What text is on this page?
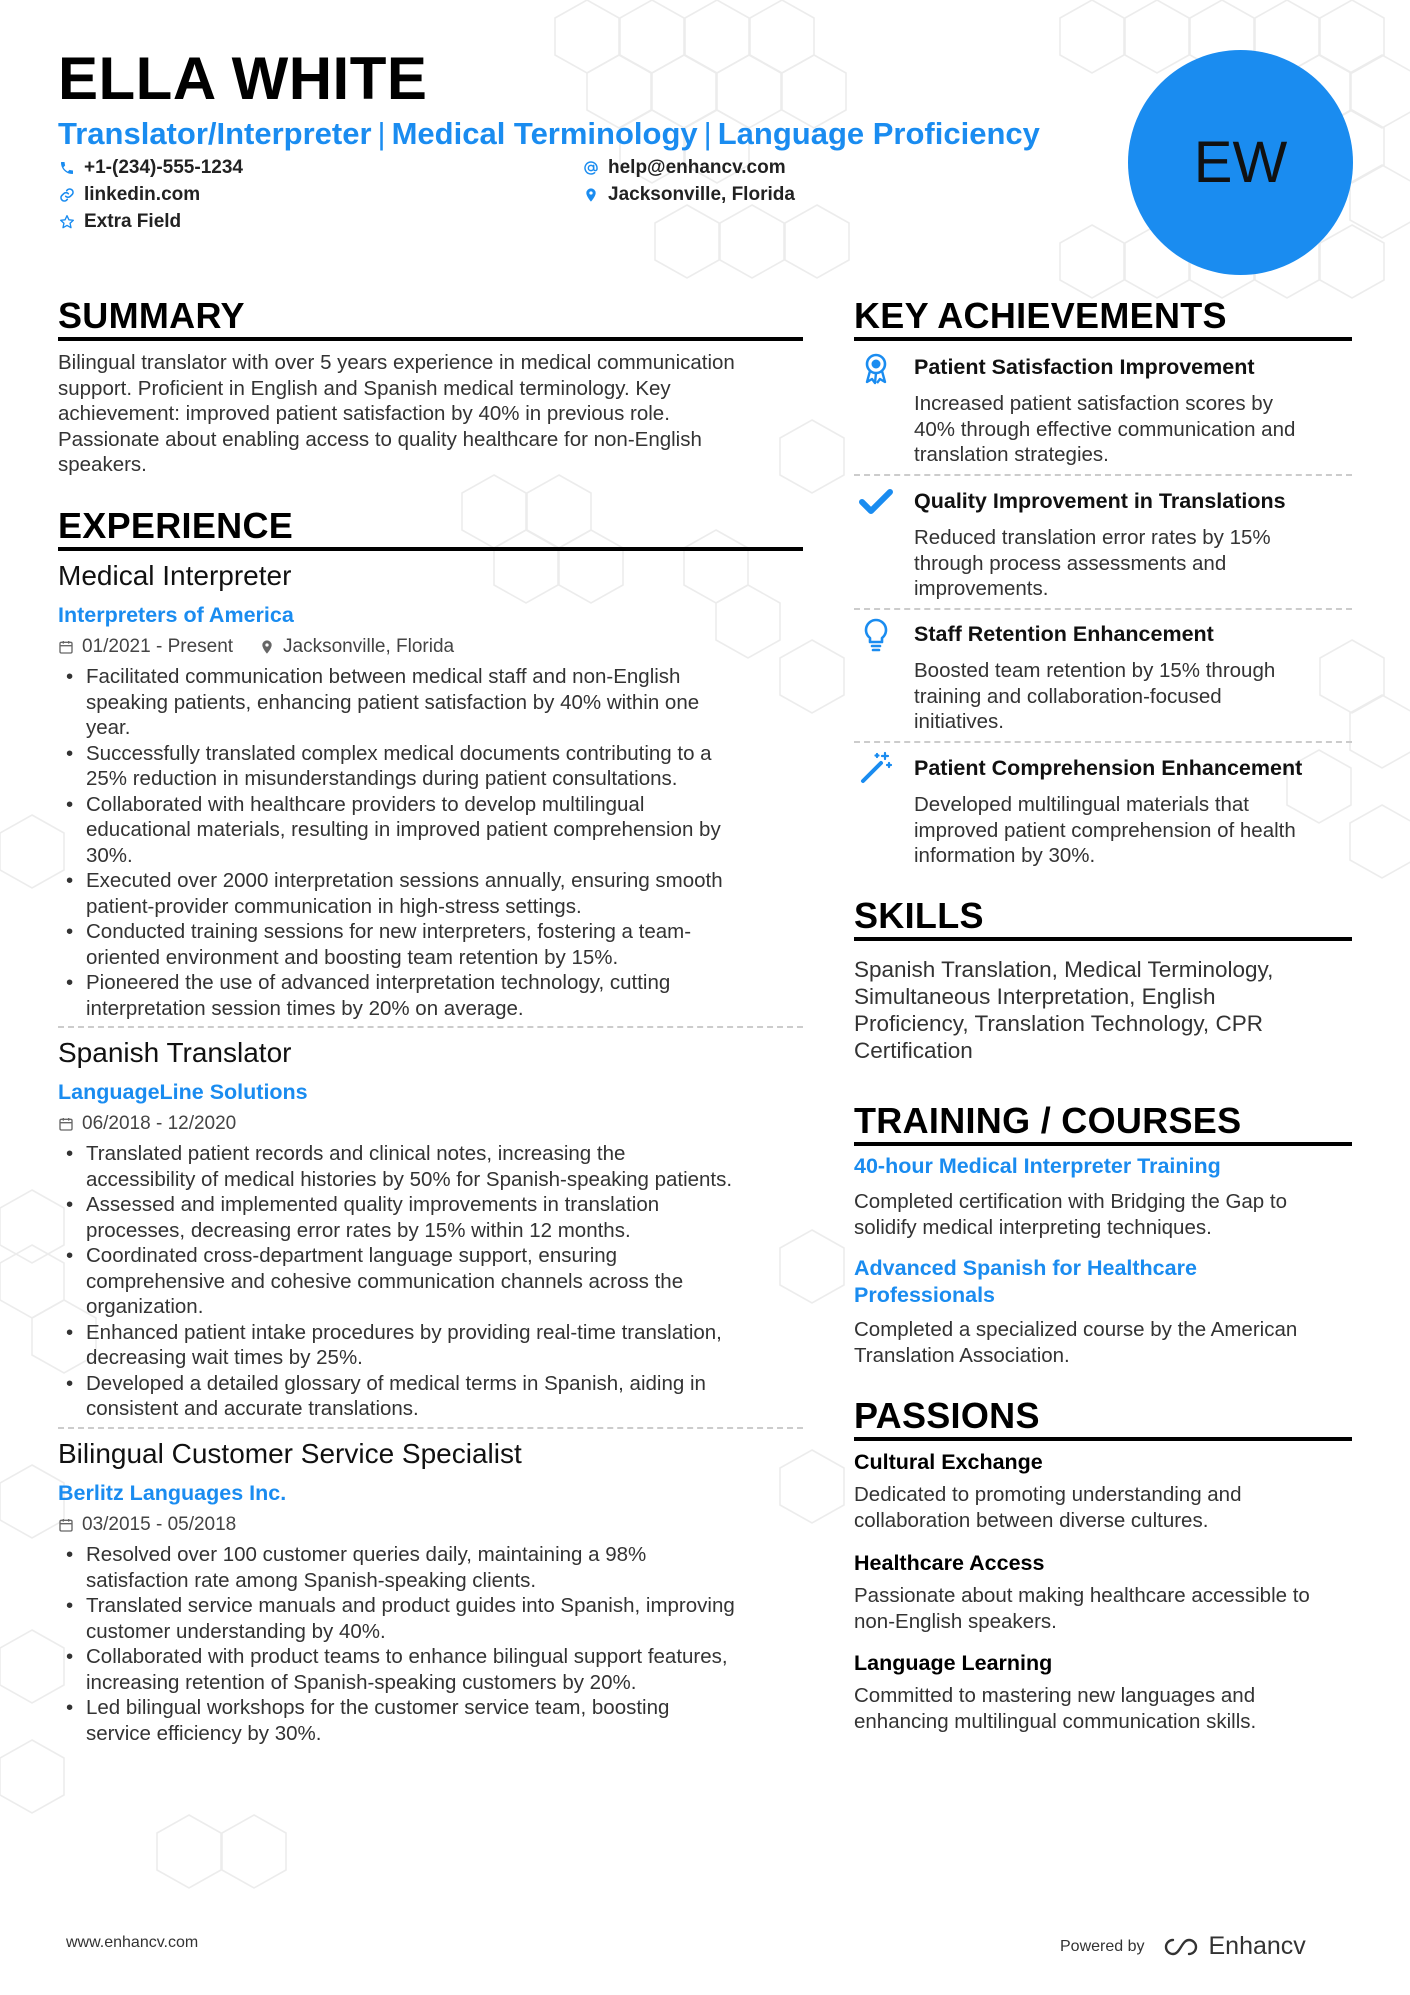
ELLA WHITE
Translator/Interpreter | Medical Terminology | Language Proficiency
+1-(234)-555-1234	help@enhancv.com
linkedin.com	Jacksonville, Florida
Extra Field
EW
SUMMARY
Bilingual translator with over 5 years experience in medical communication
support. Proficient in English and Spanish medical terminology. Key
achievement: improved patient satisfaction by 40% in previous role.
Passionate about enabling access to quality healthcare for non-English
speakers.
EXPERIENCE
Medical Interpreter
Interpreters of America
01/2021 - Present	Jacksonville, Florida
• Facilitated communication between medical staff and non-English
speaking patients, enhancing patient satisfaction by 40% within one
year.
• Successfully translated complex medical documents contributing to a
25% reduction in misunderstandings during patient consultations.
• Collaborated with healthcare providers to develop multilingual
educational materials, resulting in improved patient comprehension by
30%.
• Executed over 2000 interpretation sessions annually, ensuring smooth
patient-provider communication in high-stress settings.
• Conducted training sessions for new interpreters, fostering a team-
oriented environment and boosting team retention by 15%.
• Pioneered the use of advanced interpretation technology, cutting
interpretation session times by 20% on average.
Spanish Translator
LanguageLine Solutions
06/2018 - 12/2020
• Translated patient records and clinical notes, increasing the
accessibility of medical histories by 50% for Spanish-speaking patients.
• Assessed and implemented quality improvements in translation
processes, decreasing error rates by 15% within 12 months.
• Coordinated cross-department language support, ensuring
comprehensive and cohesive communication channels across the
organization.
• Enhanced patient intake procedures by providing real-time translation,
decreasing wait times by 25%.
• Developed a detailed glossary of medical terms in Spanish, aiding in
consistent and accurate translations.
Bilingual Customer Service Specialist
Berlitz Languages Inc.
03/2015 - 05/2018
• Resolved over 100 customer queries daily, maintaining a 98%
satisfaction rate among Spanish-speaking clients.
• Translated service manuals and product guides into Spanish, improving
customer understanding by 40%.
• Collaborated with product teams to enhance bilingual support features,
increasing retention of Spanish-speaking customers by 20%.
• Led bilingual workshops for the customer service team, boosting
service efficiency by 30%.
KEY ACHIEVEMENTS
Patient Satisfaction Improvement
Increased patient satisfaction scores by
40% through effective communication and
translation strategies.
Quality Improvement in Translations
Reduced translation error rates by 15%
through process assessments and
improvements.
Staff Retention Enhancement
Boosted team retention by 15% through
training and collaboration-focused
initiatives.
Patient Comprehension Enhancement
Developed multilingual materials that
improved patient comprehension of health
information by 30%.
SKILLS
Spanish Translation, Medical Terminology,
Simultaneous Interpretation, English
Proficiency, Translation Technology, CPR
Certification
TRAINING / COURSES
40-hour Medical Interpreter Training
Completed certification with Bridging the Gap to
solidify medical interpreting techniques.
Advanced Spanish for Healthcare
Professionals
Completed a specialized course by the American
Translation Association.
PASSIONS
Cultural Exchange
Dedicated to promoting understanding and
collaboration between diverse cultures.
Healthcare Access
Passionate about making healthcare accessible to
non-English speakers.
Language Learning
Committed to mastering new languages and
enhancing multilingual communication skills.
www.enhancv.com	Powered by	Enhancv
